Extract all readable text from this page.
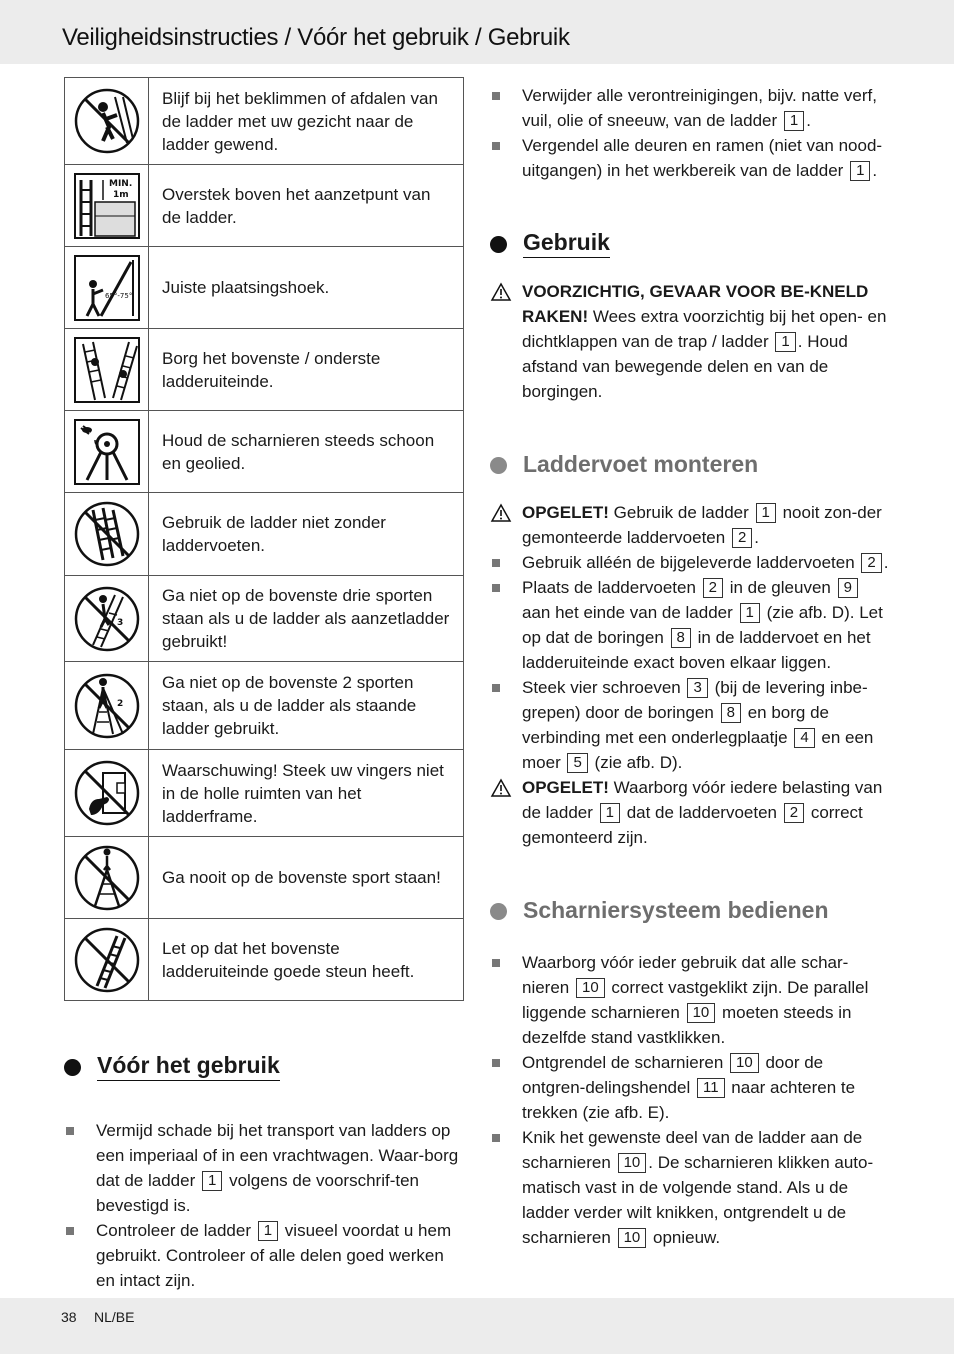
Veiligheidsinstructies / Vóór het gebruik / Gebruik
Blijf bij het beklimmen of afdalen van de ladder met uw gezicht naar de ladder gewend.
MIN.
1m	Overstek boven het aanzetpunt van de ladder.
65°-75°	Juiste plaatsingshoek.
Borg het bovenste / onderste ladderuiteinde.
Houd de scharnieren steeds schoon en geolied.
Gebruik de ladder niet zonder laddervoeten.
3
Ga niet op de bovenste drie sporten staan als u de ladder als aanzetladder gebruikt!
2
Ga niet op de bovenste 2 sporten staan, als u de ladder als staande ladder gebruikt.
Waarschuwing! Steek uw vingers niet in de holle ruimten van het ladderframe.
Ga nooit op de bovenste sport staan!
Let op dat het bovenste ladderuiteinde goede steun heeft.
Vóór het gebruik
Vermijd schade bij het transport van ladders op een imperiaal of in een vrachtwagen. Waar-borg dat de ladder 1 volgens de voorschrif-ten bevestigd is.
Controleer de ladder 1 visueel voordat u hem gebruikt. Controleer of alle delen goed werken en intact zijn.
Verwijder alle verontreinigingen, bijv. natte verf, vuil, olie of sneeuw, van de ladder 1 .
Vergendel alle deuren en ramen (niet van nood-uitgangen) in het werkbereik van de ladder 1 .
Gebruik
VOORZICHTIG, GEVAAR VOOR BE-KNELD RAKEN! Wees extra voorzichtig bij het open- en dichtklappen van de trap / ladder 1 . Houd afstand van bewegende delen en van de borgingen.
Laddervoet monteren
OPGELET! Gebruik de ladder 1 nooit zon-der gemonteerde laddervoeten 2 .
Gebruik alléén de bijgeleverde laddervoeten 2 .
Plaats de laddervoeten 2 in de gleuven 9 aan het einde van de ladder 1 (zie afb. D). Let op dat de boringen 8 in de laddervoet en het ladderuiteinde exact boven elkaar liggen.
Steek vier schroeven 3 (bij de levering inbe-grepen) door de boringen 8 en borg de verbinding met een onderlegplaatje 4 en een moer 5 (zie afb. D).
OPGELET! Waarborg vóór iedere belasting van de ladder 1 dat de laddervoeten 2 correct gemonteerd zijn.
Scharniersysteem bedienen
Waarborg vóór ieder gebruik dat alle schar-nieren 10 correct vastgeklikt zijn. De parallel liggende scharnieren 10 moeten steeds in dezelfde stand vastklikken.
Ontgrendel de scharnieren 10 door de ontgren-delingshendel 11 naar achteren te trekken (zie afb. E).
Knik het gewenste deel van de ladder aan de scharnieren 10 . De scharnieren klikken auto-matisch vast in de volgende stand. Als u de ladder verder wilt knikken, ontgrendelt u de scharnieren 10 opnieuw.
38 NL/BE
